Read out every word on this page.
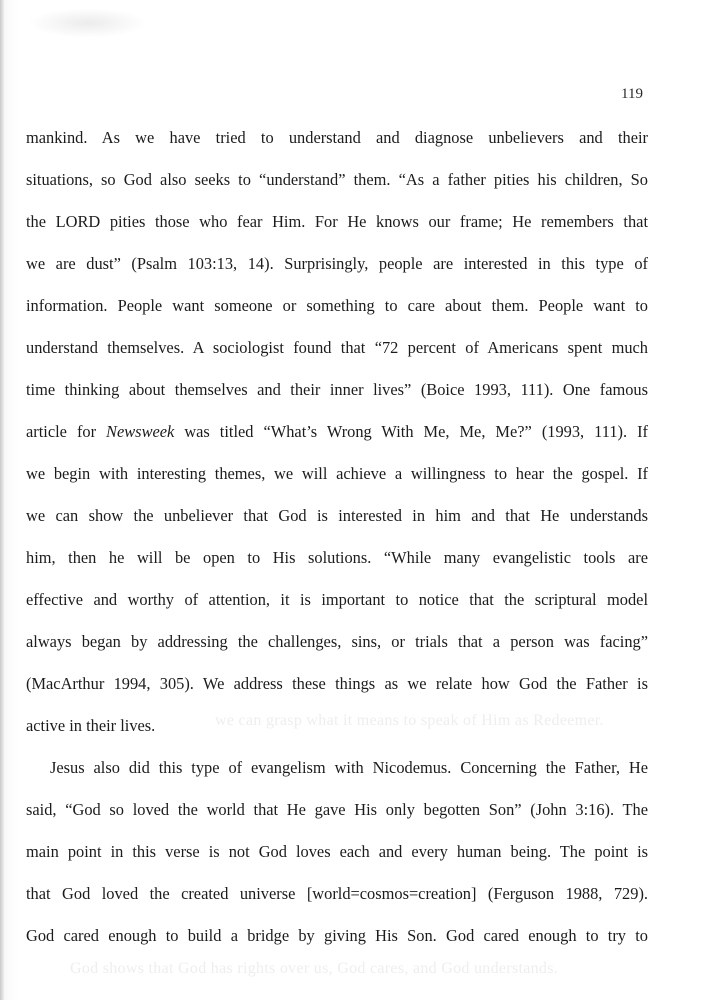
119
we can grasp what it means to speak of Him as Redeemer.
God shows that God has rights over us, God cares, and God understands.
mankind. As we have tried to understand and diagnose unbelievers and their
situations, so God also seeks to “understand” them. “As a father pities his children, So
the LORD pities those who fear Him. For He knows our frame; He remembers that
we are dust” (Psalm 103:13, 14). Surprisingly, people are interested in this type of
information. People want someone or something to care about them. People want to
understand themselves. A sociologist found that “72 percent of Americans spent much
time thinking about themselves and their inner lives” (Boice 1993, 111). One famous
article for Newsweek was titled “What’s Wrong With Me, Me, Me?” (1993, 111). If
we begin with interesting themes, we will achieve a willingness to hear the gospel. If
we can show the unbeliever that God is interested in him and that He understands
him, then he will be open to His solutions. “While many evangelistic tools are
effective and worthy of attention, it is important to notice that the scriptural model
always began by addressing the challenges, sins, or trials that a person was facing”
(MacArthur 1994, 305). We address these things as we relate how God the Father is
active in their lives.
Jesus also did this type of evangelism with Nicodemus. Concerning the Father, He
said, “God so loved the world that He gave His only begotten Son” (John 3:16). The
main point in this verse is not God loves each and every human being. The point is
that God loved the created universe [world=cosmos=creation] (Ferguson 1988, 729).
God cared enough to build a bridge by giving His Son. God cared enough to try to
